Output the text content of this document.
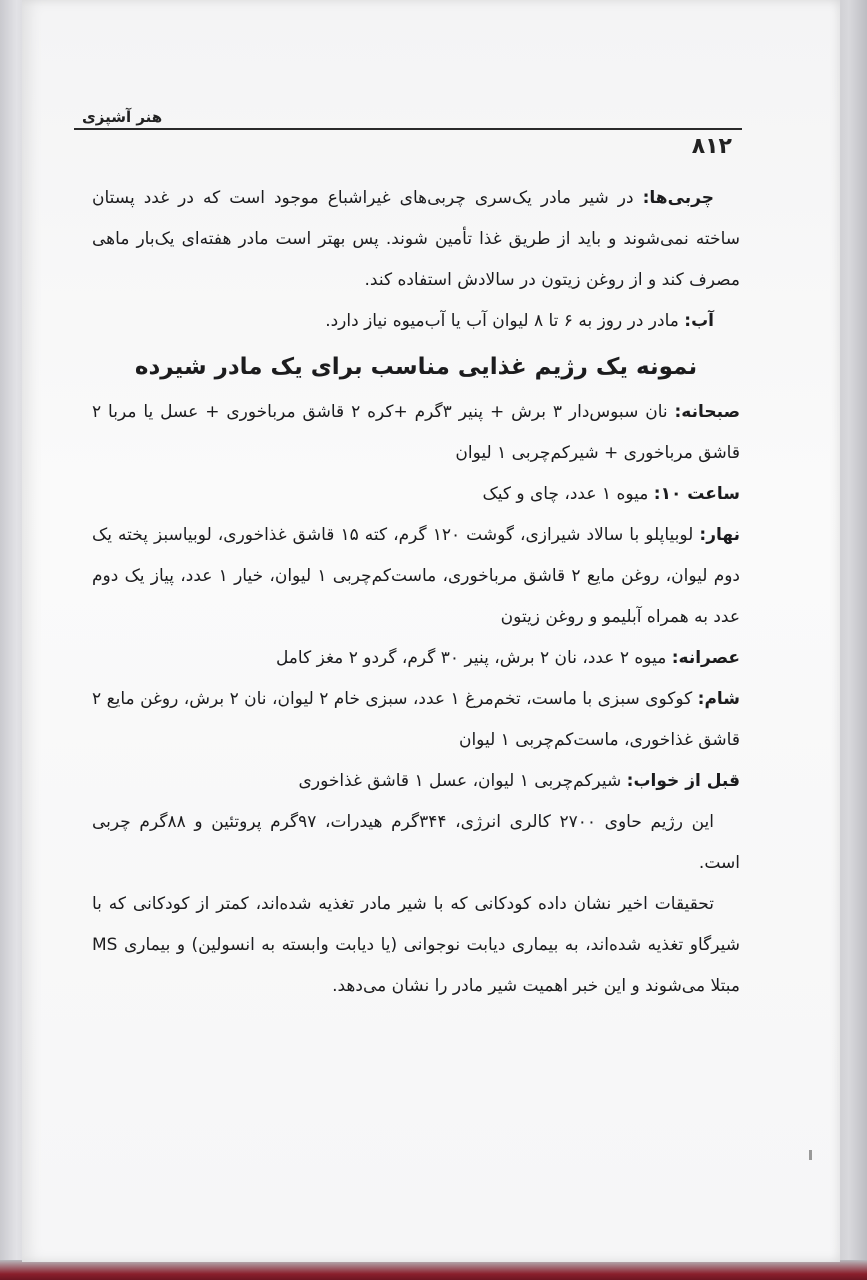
هنر آشپزی
۸۱۲

چربی‌ها: در شیر مادر یک‌سری چربی‌های غیراشباع موجود است که در غدد پستان ساخته نمی‌شوند و باید از طریق غذا تأمین شوند. پس بهتر است مادر هفته‌ای یک‌بار ماهی مصرف کند و از روغن زیتون در سالادش استفاده کند.

آب: مادر در روز به ۶ تا ۸ لیوان آب یا آب‌میوه نیاز دارد.

نمونه یک رژیم غذایی مناسب برای یک مادر شیرده

صبحانه: نان سبوس‌دار ۳ برش + پنیر ۳گرم +کره ۲ قاشق مرباخوری + عسل یا مربا ۲ قاشق مرباخوری + شیرکم‌چربی ۱ لیوان

ساعت ۱۰: میوه ۱ عدد، چای و کیک

نهار: لوبیاپلو با سالاد شیرازی، گوشت ۱۲۰ گرم، کته ۱۵ قاشق غذاخوری، لوبیاسبز پخته یک دوم لیوان، روغن مایع ۲ قاشق مرباخوری، ماست‌کم‌چربی ۱ لیوان، خیار ۱ عدد، پیاز یک دوم عدد به همراه آبلیمو و روغن زیتون

عصرانه: میوه ۲ عدد، نان ۲ برش، پنیر ۳۰ گرم، گردو ۲ مغز کامل

شام: کوکوی سبزی با ماست، تخم‌مرغ ۱ عدد، سبزی خام ۲ لیوان، نان ۲ برش، روغن مایع ۲ قاشق غذاخوری، ماست‌کم‌چربی ۱ لیوان

قبل از خواب: شیرکم‌چربی ۱ لیوان، عسل ۱ قاشق غذاخوری

این رژیم حاوی ۲۷۰۰ کالری انرژی، ۳۴۴گرم هیدرات، ۹۷گرم پروتئین و ۸۸گرم چربی است.

تحقیقات اخیر نشان داده کودکانی که با شیر مادر تغذیه شده‌اند، کمتر از کودکانی که با شیرگاو تغذیه شده‌اند، به بیماری دیابت نوجوانی (یا دیابت وابسته به انسولین) و بیماری MS مبتلا می‌شوند و این خبر اهمیت شیر مادر را نشان می‌دهد.
